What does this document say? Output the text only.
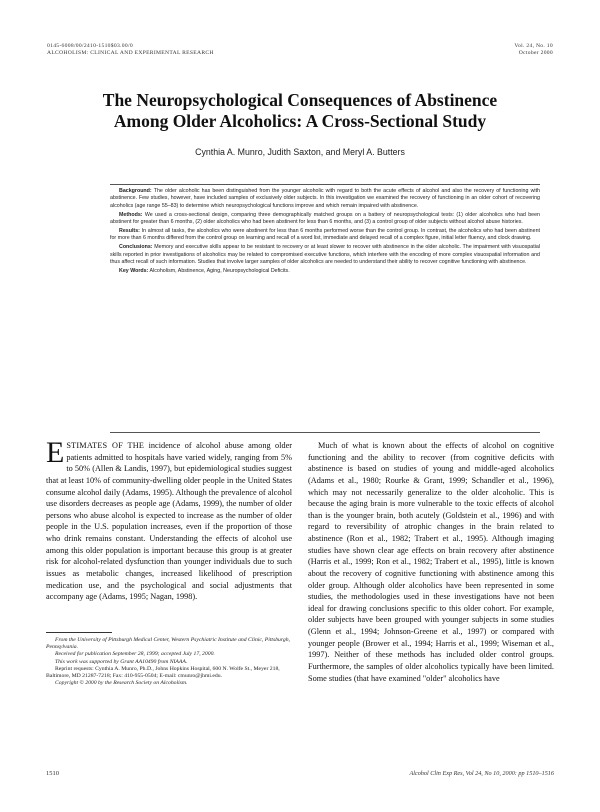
0145-6008/00/2410-1510$03.00/0
ALCOHOLISM: CLINICAL AND EXPERIMENTAL RESEARCH
Vol. 24, No. 10
October 2000
The Neuropsychological Consequences of Abstinence
Among Older Alcoholics: A Cross-Sectional Study
Cynthia A. Munro, Judith Saxton, and Meryl A. Butters

Background: The older alcoholic has been distinguished from the younger alcoholic with regard to both the acute effects of alcohol and also the recovery of functioning with abstinence. Few studies, however, have included samples of exclusively older subjects. In this investigation we examined the recovery of functioning in an older cohort of recovering alcoholics (age range 55–83) to determine which neuropsychological functions improve and which remain impaired with abstinence.

Methods: We used a cross-sectional design, comparing three demographically matched groups on a battery of neuropsychological tests: (1) older alcoholics who had been abstinent for greater than 6 months, (2) older alcoholics who had been abstinent for less than 6 months, and (3) a control group of older subjects without alcohol abuse histories.

Results: In almost all tasks, the alcoholics who were abstinent for less than 6 months performed worse than the control group. In contrast, the alcoholics who had been abstinent for more than 6 months differed from the control group on learning and recall of a word list, immediate and delayed recall of a complex figure, initial letter fluency, and clock drawing.

Conclusions: Memory and executive skills appear to be resistant to recovery or at least slower to recover with abstinence in the older alcoholic. The impairment with visuospatial skills reported in prior investigations of alcoholics may be related to compromised executive functions, which interfere with the encoding of more complex visuospatial information and thus affect recall of such information. Studies that involve larger samples of older alcoholics are needed to understand their ability to recover cognitive functioning with abstinence.

Key Words: Alcoholism, Abstinence, Aging, Neuropsychological Deficits.

ESTIMATES OF THE incidence of alcohol abuse among older patients admitted to hospitals have varied widely, ranging from 5% to 50% (Allen & Landis, 1997), but epidemiological studies suggest that at least 10% of community-dwelling older people in the United States consume alcohol daily (Adams, 1995). Although the prevalence of alcohol use disorders decreases as people age (Adams, 1999), the number of older persons who abuse alcohol is expected to increase as the number of older people in the U.S. population increases, even if the proportion of those who drink remains constant. Understanding the effects of alcohol use among this older population is important because this group is at greater risk for alcohol-related dysfunction than younger individuals due to such issues as metabolic changes, increased likelihood of prescription medication use, and the psychological and social adjustments that accompany age (Adams, 1995; Nagan, 1998).

Much of what is known about the effects of alcohol on cognitive functioning and the ability to recover (from cognitive deficits with abstinence is based on studies of young and middle-aged alcoholics (Adams et al., 1980; Rourke & Grant, 1999; Schandler et al., 1996), which may not necessarily generalize to the older alcoholic. This is because the aging brain is more vulnerable to the toxic effects of alcohol than is the younger brain, both acutely (Goldstein et al., 1996) and with regard to reversibility of atrophic changes in the brain related to abstinence (Ron et al., 1982; Trabert et al., 1995). Although imaging studies have shown clear age effects on brain recovery after abstinence (Harris et al., 1999; Ron et al., 1982; Trabert et al., 1995), little is known about the recovery of cognitive functioning with abstinence among this older group. Although older alcoholics have been represented in some studies, the methodologies used in these investigations have not been ideal for drawing conclusions specific to this older cohort. For example, older subjects have been grouped with younger subjects in some studies (Glenn et al., 1994; Johnson-Greene et al., 1997) or compared with younger people (Brower et al., 1994; Harris et al., 1999; Wiseman et al., 1997). Neither of these methods has included older control groups. Furthermore, the samples of older alcoholics typically have been limited. Some studies (that have examined "older" alcoholics have

From the University of Pittsburgh Medical Center, Western Psychiatric Institute and Clinic, Pittsburgh, Pennsylvania.

Received for publication September 28, 1999; accepted July 17, 2000.

This work was supported by Grant AA10490 from NIAAA.

Reprint requests: Cynthia A. Munro, Ph.D., Johns Hopkins Hospital, 600 N. Wolfe St., Meyer 218, Baltimore, MD 21287-7218; Fax: 410-955-0504; E-mail: cmunro@jhmi.edu.

Copyright © 2000 by the Research Society on Alcoholism.

1510	Alcohol Clin Exp Res, Vol 24, No 10, 2000: pp 1510–1516
